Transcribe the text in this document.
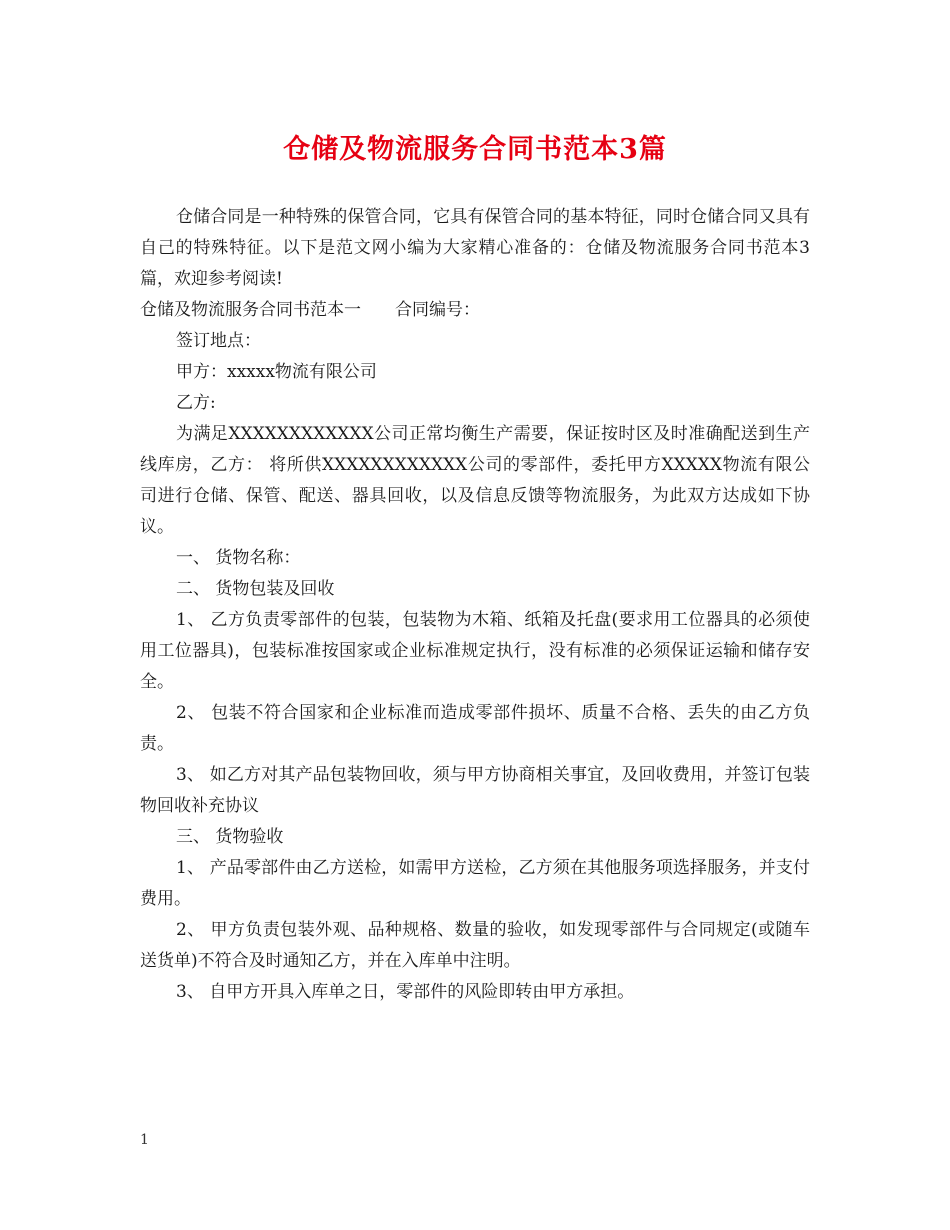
仓储及物流服务合同书范本3篇

仓储合同是一种特殊的保管合同，它具有保管合同的基本特征，同时仓储合同又具有自己的特殊特征。以下是范文网小编为大家精心准备的：仓储及物流服务合同书范本3篇，欢迎参考阅读!

仓储及物流服务合同书范本一　　合同编号：

签订地点：

甲方：xxxxx物流有限公司

乙方:

为满足XXXXXXXXXXXX公司正常均衡生产需要，保证按时区及时准确配送到生产线库房，乙方： 将所供XXXXXXXXXXXX公司的零部件，委托甲方XXXXX物流有限公司进行仓储、保管、配送、器具回收，以及信息反馈等物流服务，为此双方达成如下协议。

一、 货物名称：

二、 货物包装及回收

1、 乙方负责零部件的包装，包装物为木箱、纸箱及托盘(要求用工位器具的必须使用工位器具)，包装标准按国家或企业标准规定执行，没有标准的必须保证运输和储存安全。

2、 包装不符合国家和企业标准而造成零部件损坏、质量不合格、丢失的由乙方负责。

3、 如乙方对其产品包装物回收，须与甲方协商相关事宜，及回收费用，并签订包装物回收补充协议

三、 货物验收

1、 产品零部件由乙方送检，如需甲方送检，乙方须在其他服务项选择服务，并支付费用。

2、 甲方负责包装外观、品种规格、数量的验收，如发现零部件与合同规定(或随车送货单)不符合及时通知乙方，并在入库单中注明。

3、 自甲方开具入库单之日，零部件的风险即转由甲方承担。

1
